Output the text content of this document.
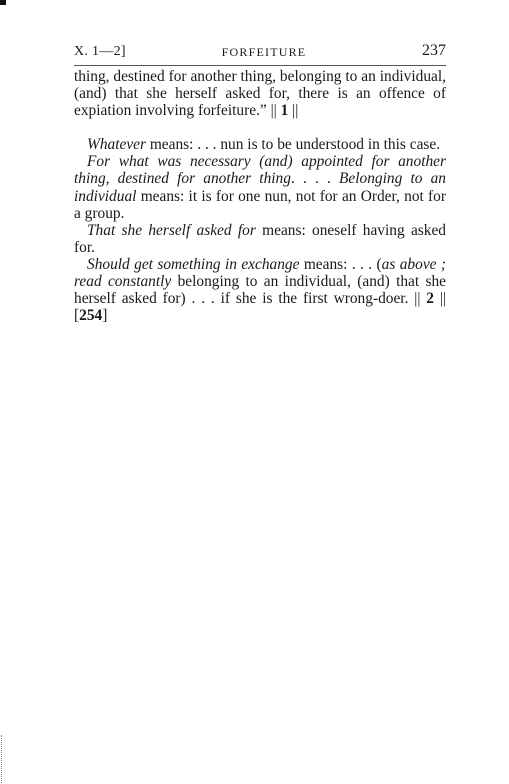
X. 1—2]	FORFEITURE	237

thing, destined for another thing, belonging to an individual, (and) that she herself asked for, there is an offence of expiation involving forfeiture.” || 1 ||

Whatever means: . . . nun is to be understood in this case.

For what was necessary (and) appointed for another thing, destined for another thing. . . . Belonging to an individual means: it is for one nun, not for an Order, not for a group.

That she herself asked for means: oneself having asked for.

Should get something in exchange means: . . . (as above ; read constantly belonging to an individual, (and) that she herself asked for) . . . if she is the first wrong-doer. || 2 || [254]
